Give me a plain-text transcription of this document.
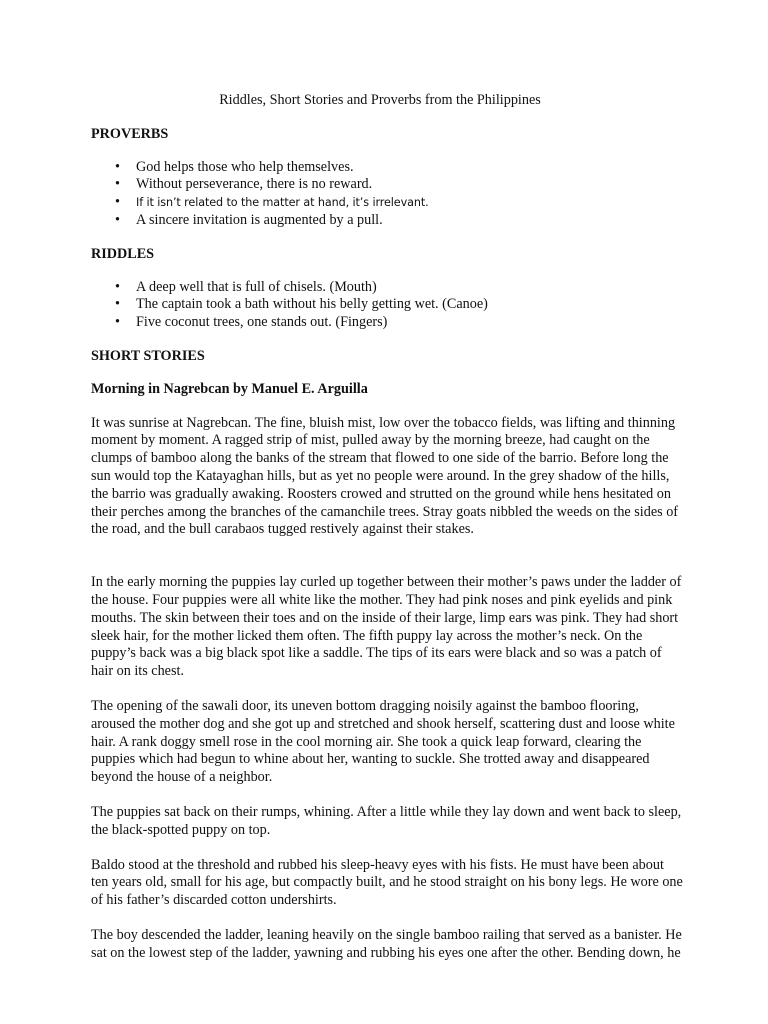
Riddles, Short Stories and Proverbs from the Philippines
PROVERBS
• God helps those who help themselves.
• Without perseverance, there is no reward.
• If it isn’t related to the matter at hand, it’s irrelevant.
• A sincere invitation is augmented by a pull.
RIDDLES
• A deep well that is full of chisels. (Mouth)
• The captain took a bath without his belly getting wet. (Canoe)
• Five coconut trees, one stands out. (Fingers)
SHORT STORIES
Morning in Nagrebcan by Manuel E. Arguilla

It was sunrise at Nagrebcan. The fine, bluish mist, low over the tobacco fields, was lifting and thinning moment by moment. A ragged strip of mist, pulled away by the morning breeze, had caught on the clumps of bamboo along the banks of the stream that flowed to one side of the barrio. Before long the sun would top the Katayaghan hills, but as yet no people were around. In the grey shadow of the hills, the barrio was gradually awaking. Roosters crowed and strutted on the ground while hens hesitated on their perches among the branches of the camanchile trees. Stray goats nibbled the weeds on the sides of the road, and the bull carabaos tugged restively against their stakes.

In the early morning the puppies lay curled up together between their mother’s paws under the ladder of the house. Four puppies were all white like the mother. They had pink noses and pink eyelids and pink mouths. The skin between their toes and on the inside of their large, limp ears was pink. They had short sleek hair, for the mother licked them often. The fifth puppy lay across the mother’s neck. On the puppy’s back was a big black spot like a saddle. The tips of its ears were black and so was a patch of hair on its chest.

The opening of the sawali door, its uneven bottom dragging noisily against the bamboo flooring, aroused the mother dog and she got up and stretched and shook herself, scattering dust and loose white hair. A rank doggy smell rose in the cool morning air. She took a quick leap forward, clearing the puppies which had begun to whine about her, wanting to suckle. She trotted away and disappeared beyond the house of a neighbor.

The puppies sat back on their rumps, whining. After a little while they lay down and went back to sleep, the black-spotted puppy on top.

Baldo stood at the threshold and rubbed his sleep-heavy eyes with his fists. He must have been about ten years old, small for his age, but compactly built, and he stood straight on his bony legs. He wore one of his father’s discarded cotton undershirts.

The boy descended the ladder, leaning heavily on the single bamboo railing that served as a banister. He sat on the lowest step of the ladder, yawning and rubbing his eyes one after the other. Bending down, he
